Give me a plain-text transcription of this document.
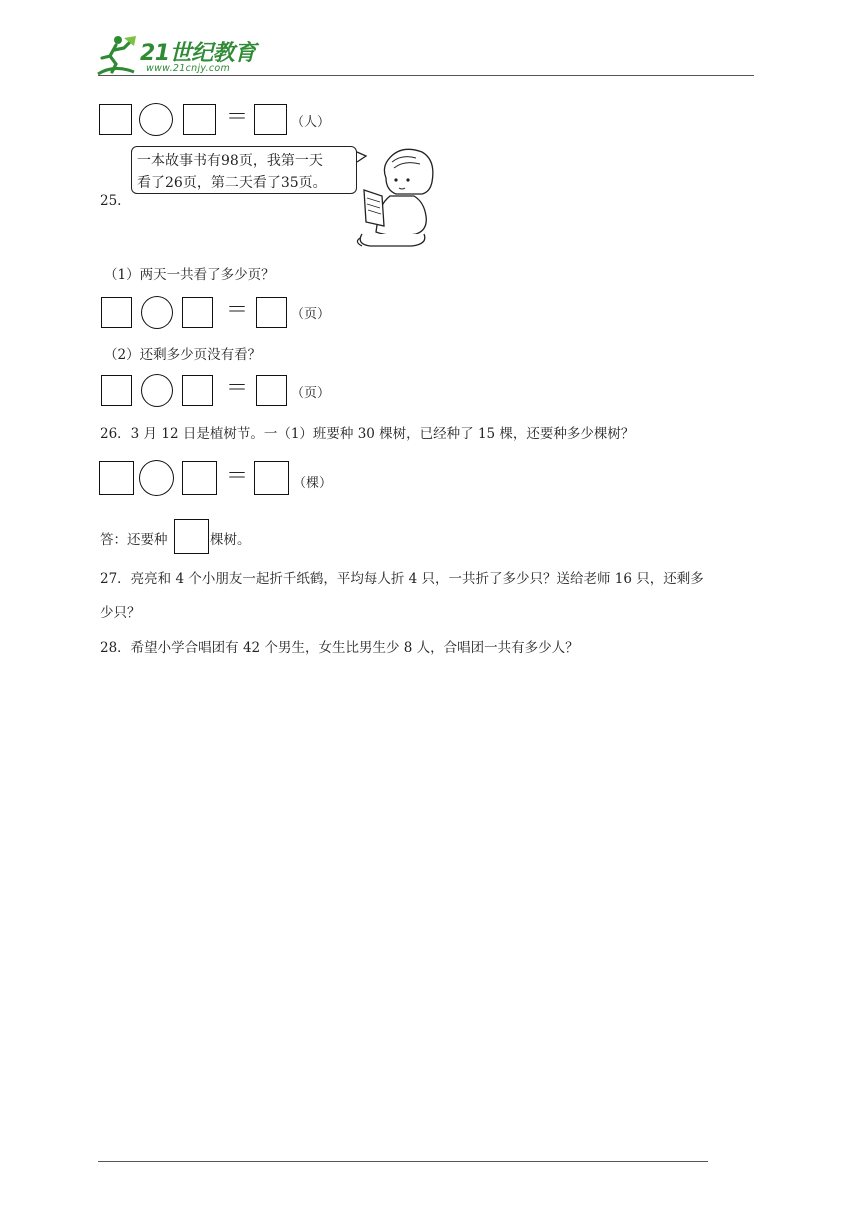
21世纪教育
www.21cnjy.com
＝	（人）
25.
一本故事书有98页，我第一天
看了26页，第二天看了35页。
（1）两天一共看了多少页？
＝	（页）
（2）还剩多少页没有看？
＝	（页）
26．3 月 12 日是植树节。一（1）班要种 30 棵树，已经种了 15 棵，还要种多少棵树？
＝	（棵）
答：还要种	棵树。
27．亮亮和 4 个小朋友一起折千纸鹤，平均每人折 4 只，一共折了多少只？送给老师 16 只，还剩多
少只？
28．希望小学合唱团有 42 个男生，女生比男生少 8 人，合唱团一共有多少人？
